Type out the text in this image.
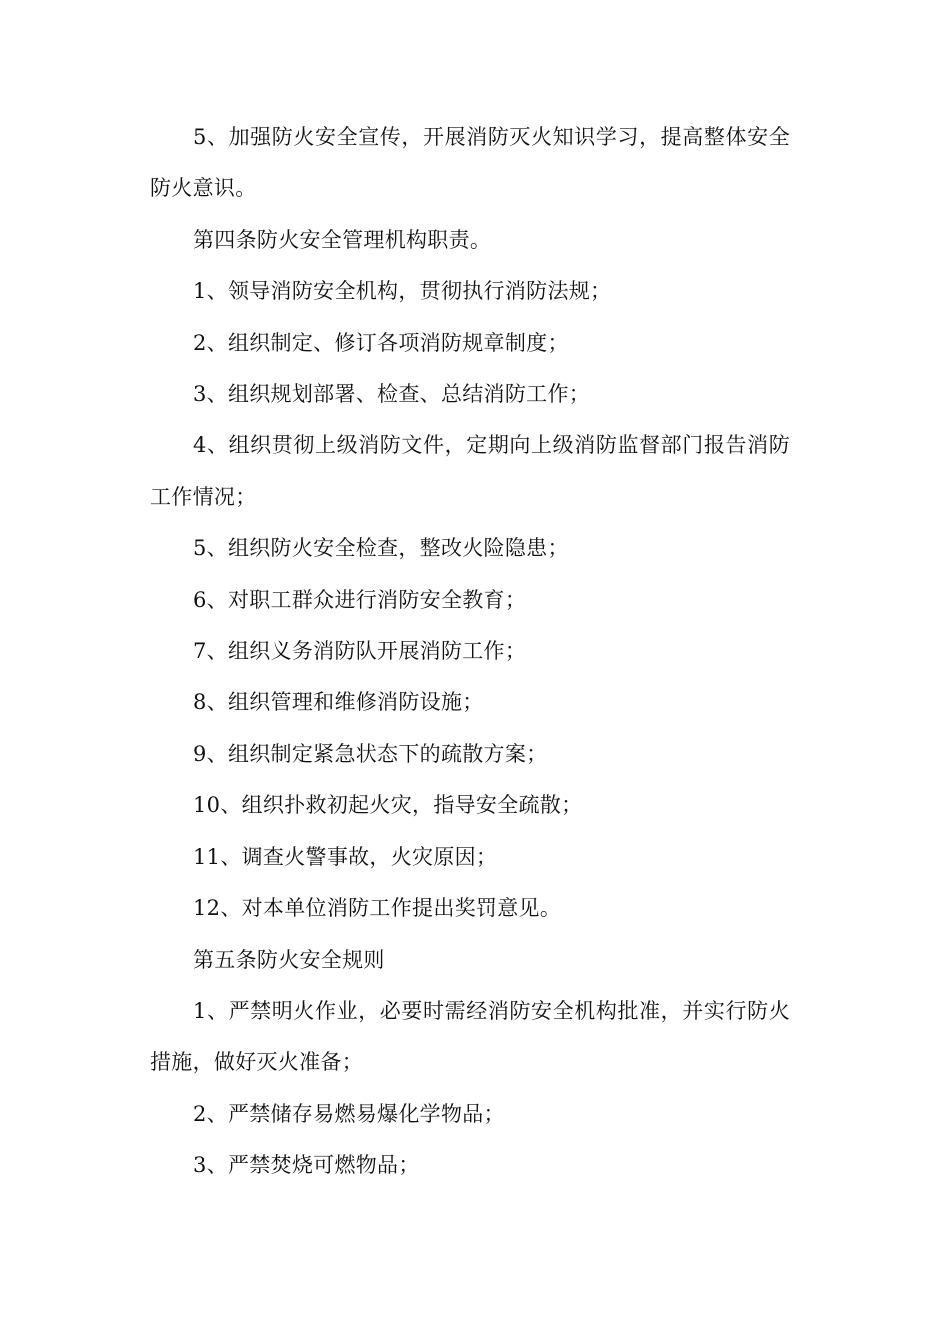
5、加强防火安全宣传，开展消防灭火知识学习，提高整体安全防火意识。

第四条防火安全管理机构职责。

1、领导消防安全机构，贯彻执行消防法规；

2、组织制定、修订各项消防规章制度；

3、组织规划部署、检查、总结消防工作；

4、组织贯彻上级消防文件，定期向上级消防监督部门报告消防工作情况；

5、组织防火安全检查，整改火险隐患；

6、对职工群众进行消防安全教育；

7、组织义务消防队开展消防工作；

8、组织管理和维修消防设施；

9、组织制定紧急状态下的疏散方案；

10、组织扑救初起火灾，指导安全疏散；

11、调查火警事故，火灾原因；

12、对本单位消防工作提出奖罚意见。

第五条防火安全规则

1、严禁明火作业，必要时需经消防安全机构批准，并实行防火措施，做好灭火准备；

2、严禁储存易燃易爆化学物品；

3、严禁焚烧可燃物品；
